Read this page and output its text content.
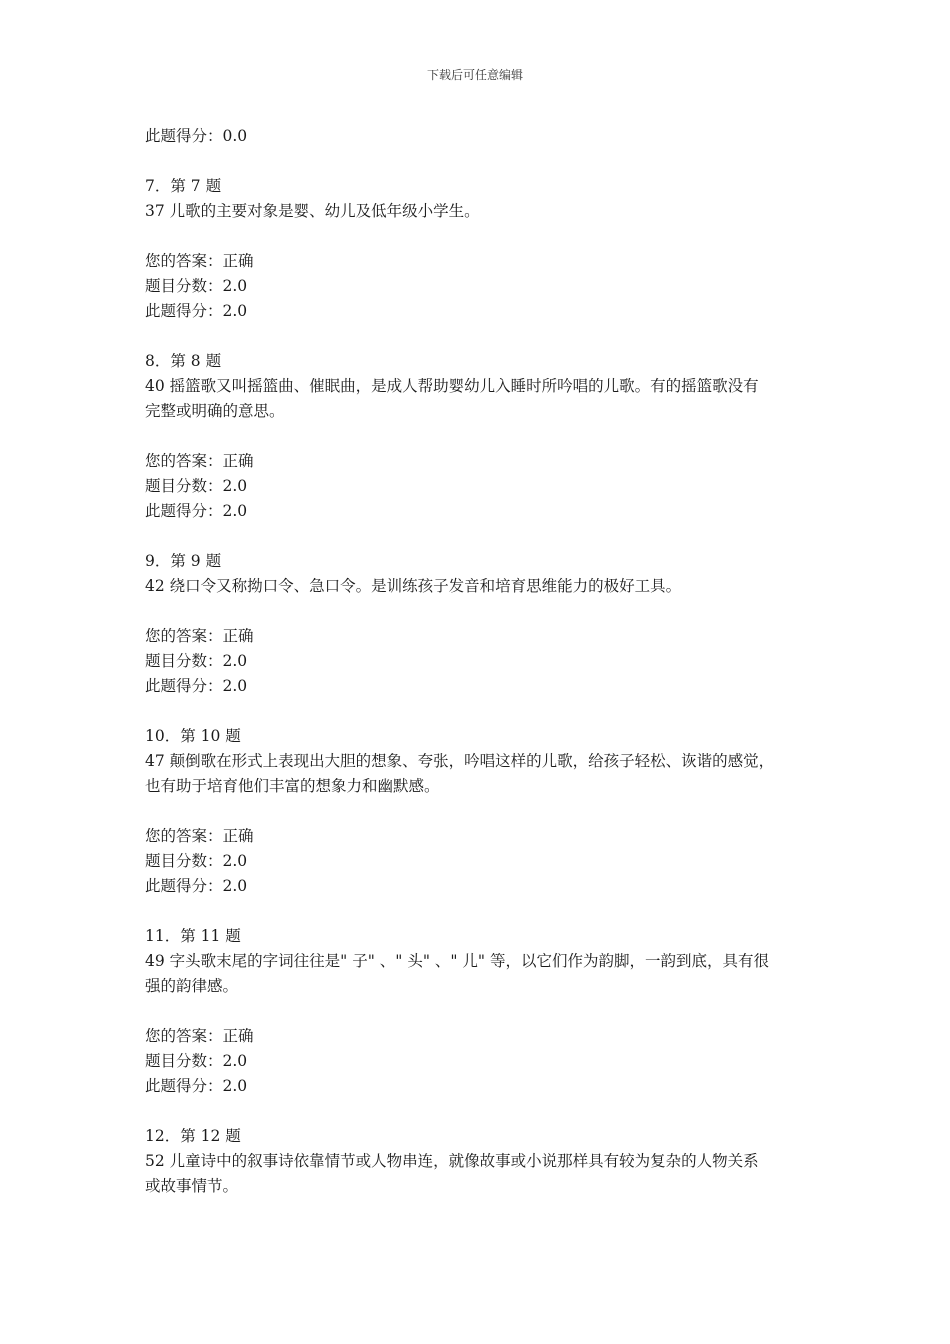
下载后可任意编辑
此题得分：0.0
7．第 7 题
37 儿歌的主要对象是婴、幼儿及低年级小学生。
您的答案：正确
题目分数：2.0
此题得分：2.0
8．第 8 题
40 摇篮歌又叫摇篮曲、催眠曲，是成人帮助婴幼儿入睡时所吟唱的儿歌。有的摇篮歌没有
完整或明确的意思。
您的答案：正确
题目分数：2.0
此题得分：2.0
9．第 9 题
42 绕口令又称拗口令、急口令。是训练孩子发音和培育思维能力的极好工具。
您的答案：正确
题目分数：2.0
此题得分：2.0
10．第 10 题
47 颠倒歌在形式上表现出大胆的想象、夸张，吟唱这样的儿歌，给孩子轻松、诙谐的感觉，
也有助于培育他们丰富的想象力和幽默感。
您的答案：正确
题目分数：2.0
此题得分：2.0
11．第 11 题
49 字头歌末尾的字词往往是" 子" 、" 头" 、" 儿" 等，以它们作为韵脚，一韵到底，具有很
强的韵律感。
您的答案：正确
题目分数：2.0
此题得分：2.0
12．第 12 题
52 儿童诗中的叙事诗依靠情节或人物串连，就像故事或小说那样具有较为复杂的人物关系
或故事情节。
